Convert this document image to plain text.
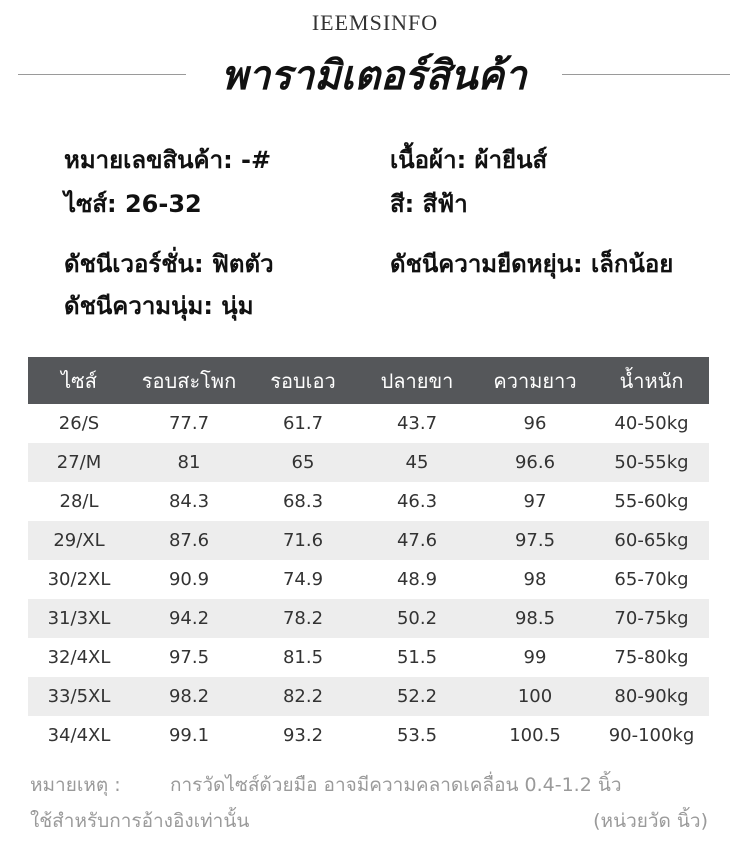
IEEMSINFO
พารามิเตอร์สินค้า
หมายเลขสินค้า: -#	เนื้อผ้า: ผ้ายีนส์
ไซส์: 26-32	สี: สีฟ้า
ดัชนีเวอร์ชั่น: ฟิตตัว	ดัชนีความยืดหยุ่น: เล็กน้อย
ดัชนีความนุ่ม: นุ่ม
ไซส์	รอบสะโพก	รอบเอว	ปลายขา	ความยาว	น้ำหนัก
26/S	77.7	61.7	43.7	96	40-50kg
27/M	81	65	45	96.6	50-55kg
28/L	84.3	68.3	46.3	97	55-60kg
29/XL	87.6	71.6	47.6	97.5	60-65kg
30/2XL	90.9	74.9	48.9	98	65-70kg
31/3XL	94.2	78.2	50.2	98.5	70-75kg
32/4XL	97.5	81.5	51.5	99	75-80kg
33/5XL	98.2	82.2	52.2	100	80-90kg
34/4XL	99.1	93.2	53.5	100.5	90-100kg
หมายเหตุ :	การวัดไซส์ด้วยมือ อาจมีความคลาดเคลื่อน 0.4-1.2 นิ้ว
ใช้สำหรับการอ้างอิงเท่านั้น	(หน่วยวัด นิ้ว)
